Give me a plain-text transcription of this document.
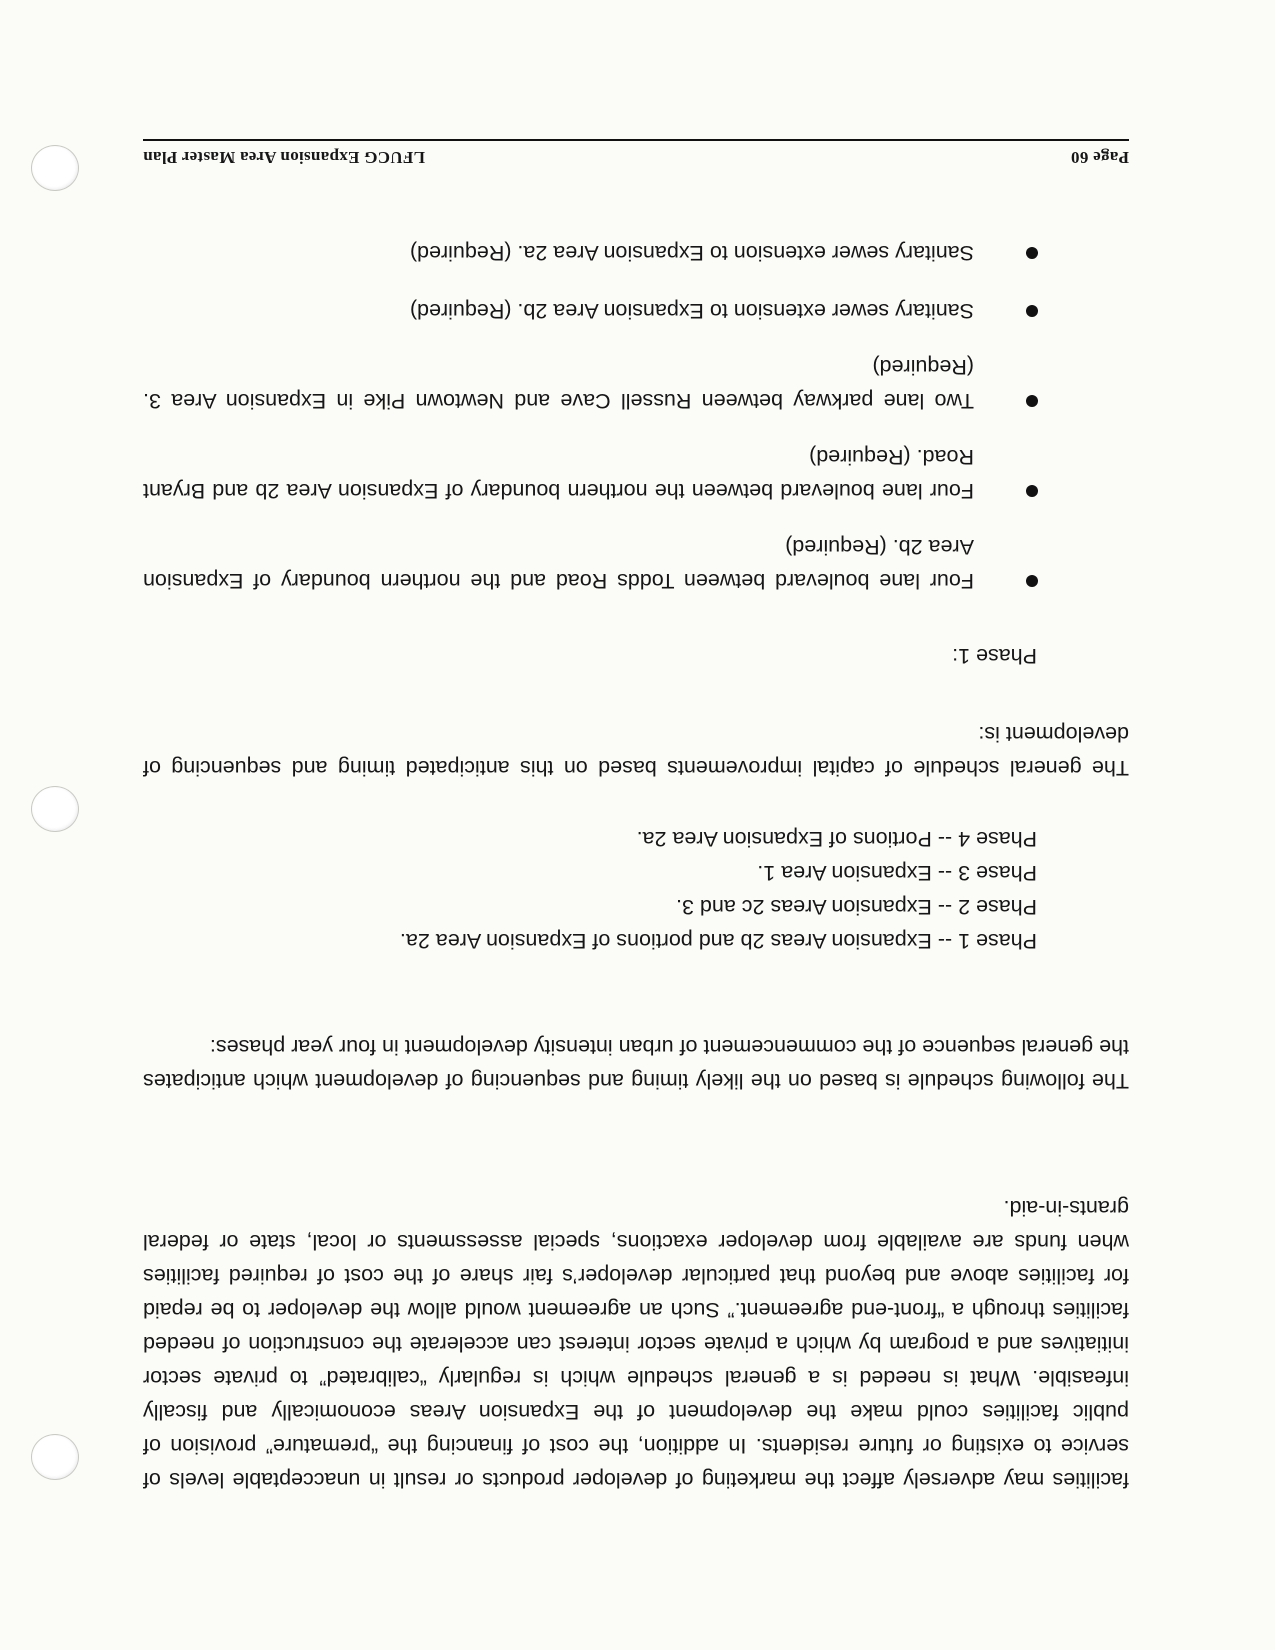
facilities may adversely affect the marketing of developer products or result in unacceptable levels of service to existing or future residents. In addition, the cost of financing the “premature” provision of public facilities could make the development of the Expansion Areas economically and fiscally infeasible. What is needed is a general schedule which is regularly “calibrated” to private sector initiatives and a program by which a private sector interest can accelerate the construction of needed facilities through a “front-end agreement.” Such an agreement would allow the developer to be repaid for facilities above and beyond that particular developer’s fair share of the cost of required facilities when funds are available from developer exactions, special assessments or local, state or federal grants-in-aid.

The following schedule is based on the likely timing and sequencing of development which anticipates the general sequence of the commencement of urban intensity development in four year phases:

Phase 1 -- Expansion Areas 2b and portions of Expansion Area 2a.
Phase 2 -- Expansion Areas 2c and 3.
Phase 3 -- Expansion Area 1.
Phase 4 -- Portions of Expansion Area 2a.

The general schedule of capital improvements based on this anticipated timing and sequencing of development is:

Phase 1:
Four lane boulevard between Todds Road and the northern boundary of Expansion Area 2b. (Required)
Four lane boulevard between the northern boundary of Expansion Area 2b and Bryant Road. (Required)
Two lane parkway between Russell Cave and Newtown Pike in Expansion Area 3. (Required)
Sanitary sewer extension to Expansion Area 2b. (Required)
Sanitary sewer extension to Expansion Area 2a. (Required)
Page 60
LFUCG Expansion Area Master Plan
